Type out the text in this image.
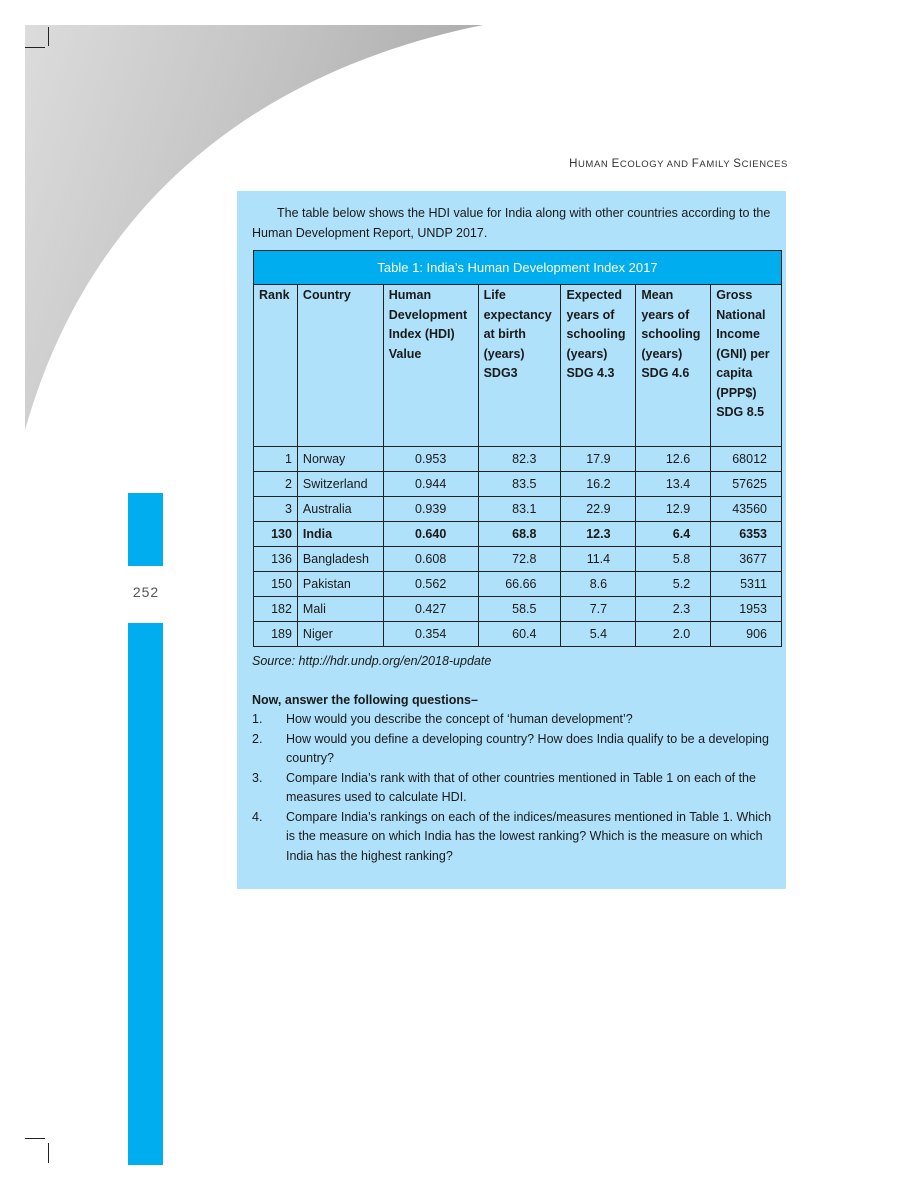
HUMAN ECOLOGY AND FAMILY SCIENCES
252

The table below shows the HDI value for India along with other countries according to the Human Development Report, UNDP 2017.

Table 1: India’s Human Development Index 2017						
Rank	Country	Human Development Index (HDI) Value	Life expectancy at birth (years) SDG3	Expected years of schooling (years) SDG 4.3	Mean years of schooling (years) SDG 4.6	Gross National Income (GNI) per capita (PPP$) SDG 8.5
1	Norway	0.953	82.3	17.9	12.6	68012
2	Switzerland	0.944	83.5	16.2	13.4	57625
3	Australia	0.939	83.1	22.9	12.9	43560
130	India	0.640	68.8	12.3	6.4	6353
136	Bangladesh	0.608	72.8	11.4	5.8	3677
150	Pakistan	0.562	66.66	8.6	5.2	5311
182	Mali	0.427	58.5	7.7	2.3	1953
189	Niger	0.354	60.4	5.4	2.0	906
Source: http://hdr.undp.org/en/2018-update
Now, answer the following questions–
1.	How would you describe the concept of ‘human development’?
2.	How would you define a developing country? How does India qualify to be a developing country?
3.	Compare India’s rank with that of other countries mentioned in Table 1 on each of the measures used to calculate HDI.
4.	Compare India’s rankings on each of the indices/measures mentioned in Table 1. Which is the measure on which India has the lowest ranking? Which is the measure on which India has the highest ranking?
